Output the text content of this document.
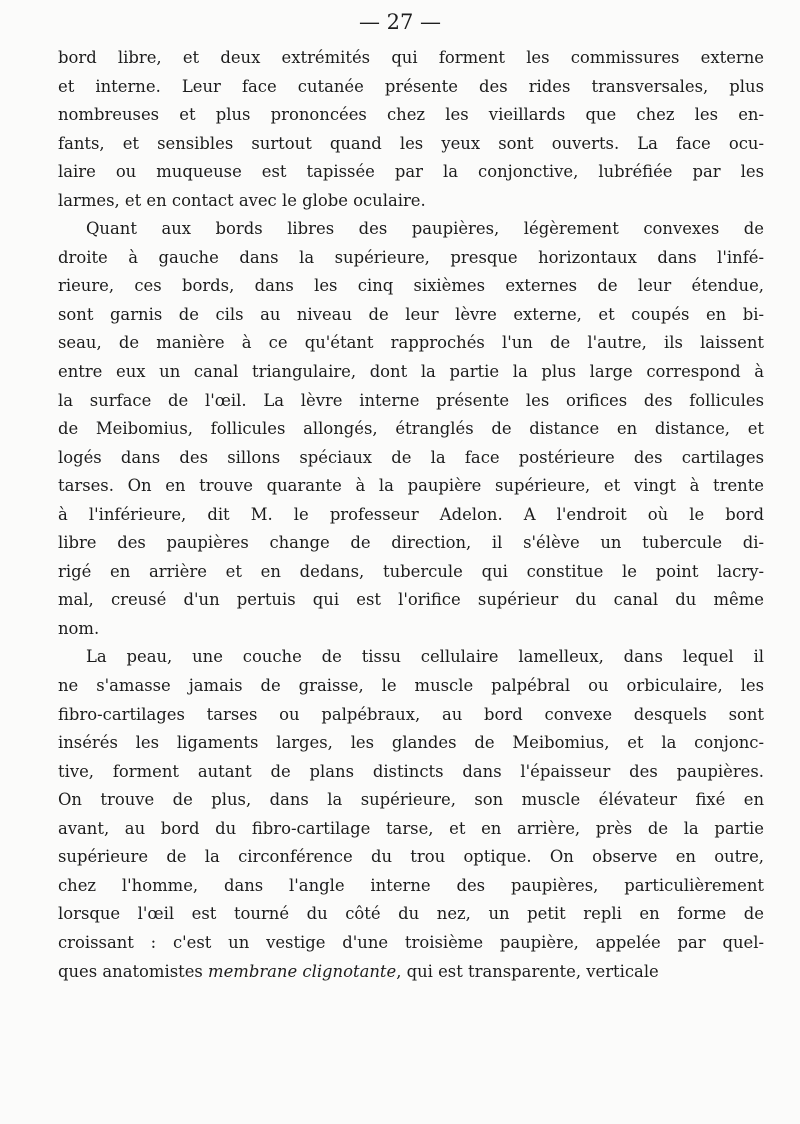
— 27 —
bord libre, et deux extrémités qui forment les commissures externe
et interne. Leur face cutanée présente des rides transversales, plus
nombreuses et plus prononcées chez les vieillards que chez les en-
fants, et sensibles surtout quand les yeux sont ouverts. La face ocu-
laire ou muqueuse est tapissée par la conjonctive, lubréfiée par les
larmes, et en contact avec le globe oculaire.
Quant aux bords libres des paupières, légèrement convexes de
droite à gauche dans la supérieure, presque horizontaux dans l'infé-
rieure, ces bords, dans les cinq sixièmes externes de leur étendue,
sont garnis de cils au niveau de leur lèvre externe, et coupés en bi-
seau, de manière à ce qu'étant rapprochés l'un de l'autre, ils laissent
entre eux un canal triangulaire, dont la partie la plus large correspond à
la surface de l'œil. La lèvre interne présente les orifices des follicules
de Meibomius, follicules allongés, étranglés de distance en distance, et
logés dans des sillons spéciaux de la face postérieure des cartilages
tarses. On en trouve quarante à la paupière supérieure, et vingt à trente
à l'inférieure, dit M. le professeur Adelon. A l'endroit où le bord
libre des paupières change de direction, il s'élève un tubercule di-
rigé en arrière et en dedans, tubercule qui constitue le point lacry-
mal, creusé d'un pertuis qui est l'orifice supérieur du canal du même
nom.
La peau, une couche de tissu cellulaire lamelleux, dans lequel il
ne s'amasse jamais de graisse, le muscle palpébral ou orbiculaire, les
fibro-cartilages tarses ou palpébraux, au bord convexe desquels sont
insérés les ligaments larges, les glandes de Meibomius, et la conjonc-
tive, forment autant de plans distincts dans l'épaisseur des paupières.
On trouve de plus, dans la supérieure, son muscle élévateur fixé en
avant, au bord du fibro-cartilage tarse, et en arrière, près de la partie
supérieure de la circonférence du trou optique. On observe en outre,
chez l'homme, dans l'angle interne des paupières, particulièrement
lorsque l'œil est tourné du côté du nez, un petit repli en forme de
croissant : c'est un vestige d'une troisième paupière, appelée par quel-
ques anatomistes membrane clignotante, qui est transparente, verticale
